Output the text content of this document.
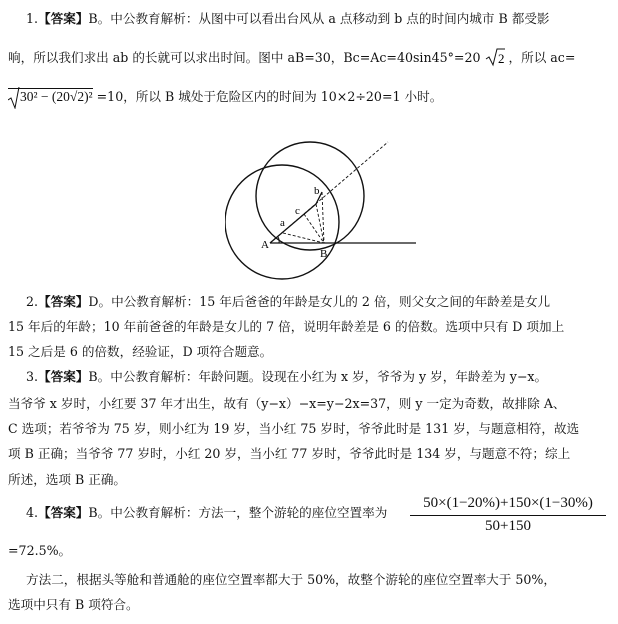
1.【答案】B。中公教育解析：从图中可以看出台风从 a 点移动到 b 点的时间内城市 B 都受影
响，所以我们求出 ab 的长就可以求出时间。图中 aB=30，Bc=Ac=40sin45°=20 2 ，所以 ac=
30² − (20√2)² =10，所以 B 城处于危险区内的时间为 10×2÷20=1 小时。
A
B
a
b
c
2.【答案】D。中公教育解析：15 年后爸爸的年龄是女儿的 2 倍，则父女之间的年龄差是女儿
15 年后的年龄；10 年前爸爸的年龄是女儿的 7 倍，说明年龄差是 6 的倍数。选项中只有 D 项加上
15 之后是 6 的倍数，经验证，D 项符合题意。
3.【答案】B。中公教育解析：年龄问题。设现在小红为 x 岁，爷爷为 y 岁，年龄差为 y−x。
当爷爷 x 岁时，小红要 37 年才出生，故有（y−x）−x=y−2x=37，则 y 一定为奇数，故排除 A、
C 选项；若爷爷为 75 岁，则小红为 19 岁，当小红 75 岁时，爷爷此时是 131 岁，与题意相符，故选
项 B 正确；当爷爷 77 岁时，小红 20 岁，当小红 77 岁时，爷爷此时是 134 岁，与题意不符；综上
所述，选项 B 正确。
4.【答案】B。中公教育解析：方法一，整个游轮的座位空置率为
50×(1−20%)+150×(1−30%)
50+150
=72.5%。
方法二，根据头等舱和普通舱的座位空置率都大于 50%，故整个游轮的座位空置率大于 50%，
选项中只有 B 项符合。
